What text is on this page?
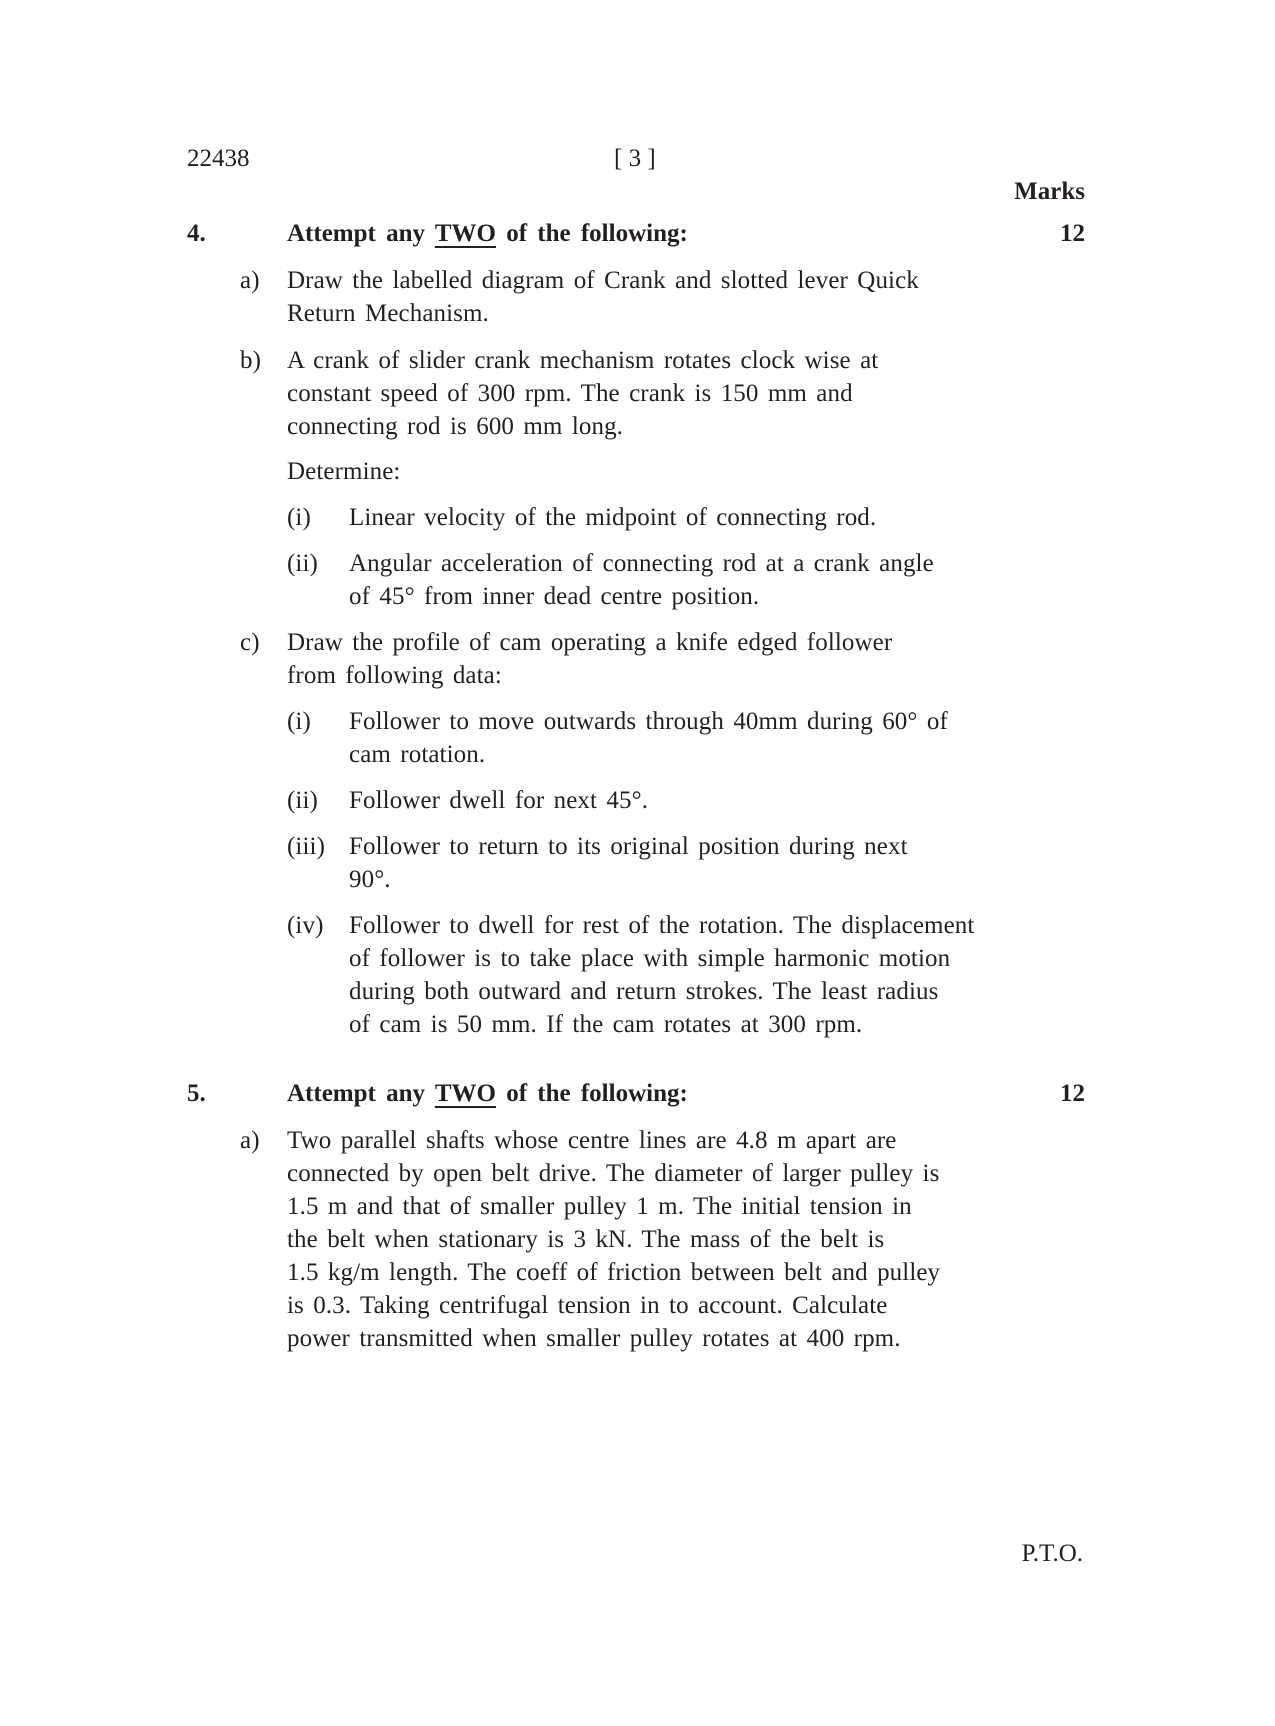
22438	[ 3 ]
Marks
4.	Attempt any TWO of the following:	12
a) Draw the labelled diagram of Crank and slotted lever Quick
Return Mechanism.
b) A crank of slider crank mechanism rotates clock wise at
constant speed of 300 rpm. The crank is 150 mm and
connecting rod is 600 mm long.
Determine:
(i) Linear velocity of the midpoint of connecting rod.
(ii) Angular acceleration of connecting rod at a crank angle
of 45° from inner dead centre position.
c) Draw the profile of cam operating a knife edged follower
from following data:
(i) Follower to move outwards through 40mm during 60° of
cam rotation.
(ii) Follower dwell for next 45°.
(iii) Follower to return to its original position during next
90°.
(iv) Follower to dwell for rest of the rotation. The displacement
of follower is to take place with simple harmonic motion
during both outward and return strokes. The least radius
of cam is 50 mm. If the cam rotates at 300 rpm.
5.	Attempt any TWO of the following:	12
a) Two parallel shafts whose centre lines are 4.8 m apart are
connected by open belt drive. The diameter of larger pulley is
1.5 m and that of smaller pulley 1 m. The initial tension in
the belt when stationary is 3 kN. The mass of the belt is
1.5 kg/m length. The coeff of friction between belt and pulley
is 0.3. Taking centrifugal tension in to account. Calculate
power transmitted when smaller pulley rotates at 400 rpm.
P.T.O.
